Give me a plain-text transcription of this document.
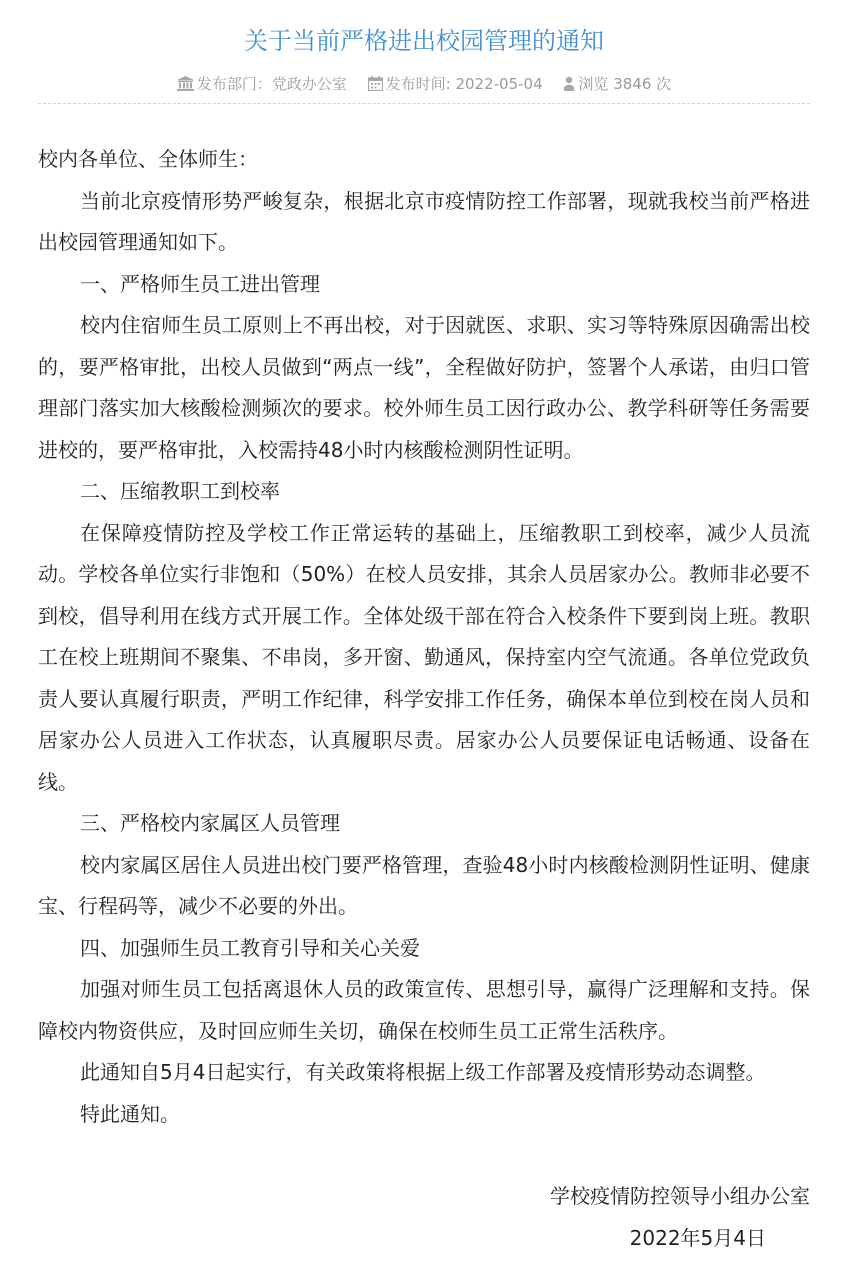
关于当前严格进出校园管理的通知
发布部门：党政办公室	发布时间: 2022-05-04 浏览 3846 次

校内各单位、全体师生：

当前北京疫情形势严峻复杂，根据北京市疫情防控工作部署，现就我校当前严格进出校园管理通知如下。

一、严格师生员工进出管理

校内住宿师生员工原则上不再出校，对于因就医、求职、实习等特殊原因确需出校的，要严格审批，出校人员做到“两点一线”，全程做好防护，签署个人承诺，由归口管理部门落实加大核酸检测频次的要求。校外师生员工因行政办公、教学科研等任务需要进校的，要严格审批，入校需持48小时内核酸检测阴性证明。

二、压缩教职工到校率

在保障疫情防控及学校工作正常运转的基础上，压缩教职工到校率，减少人员流动。学校各单位实行非饱和（50%）在校人员安排，其余人员居家办公。教师非必要不到校，倡导利用在线方式开展工作。全体处级干部在符合入校条件下要到岗上班。教职工在校上班期间不聚集、不串岗，多开窗、勤通风，保持室内空气流通。各单位党政负责人要认真履行职责，严明工作纪律，科学安排工作任务，确保本单位到校在岗人员和居家办公人员进入工作状态，认真履职尽责。居家办公人员要保证电话畅通、设备在线。

三、严格校内家属区人员管理

校内家属区居住人员进出校门要严格管理，查验48小时内核酸检测阴性证明、健康宝、行程码等，减少不必要的外出。

四、加强师生员工教育引导和关心关爱

加强对师生员工包括离退休人员的政策宣传、思想引导，赢得广泛理解和支持。保障校内物资供应，及时回应师生关切，确保在校师生员工正常生活秩序。

此通知自5月4日起实行，有关政策将根据上级工作部署及疫情形势动态调整。

特此通知。

学校疫情防控领导小组办公室
2022年5月4日
